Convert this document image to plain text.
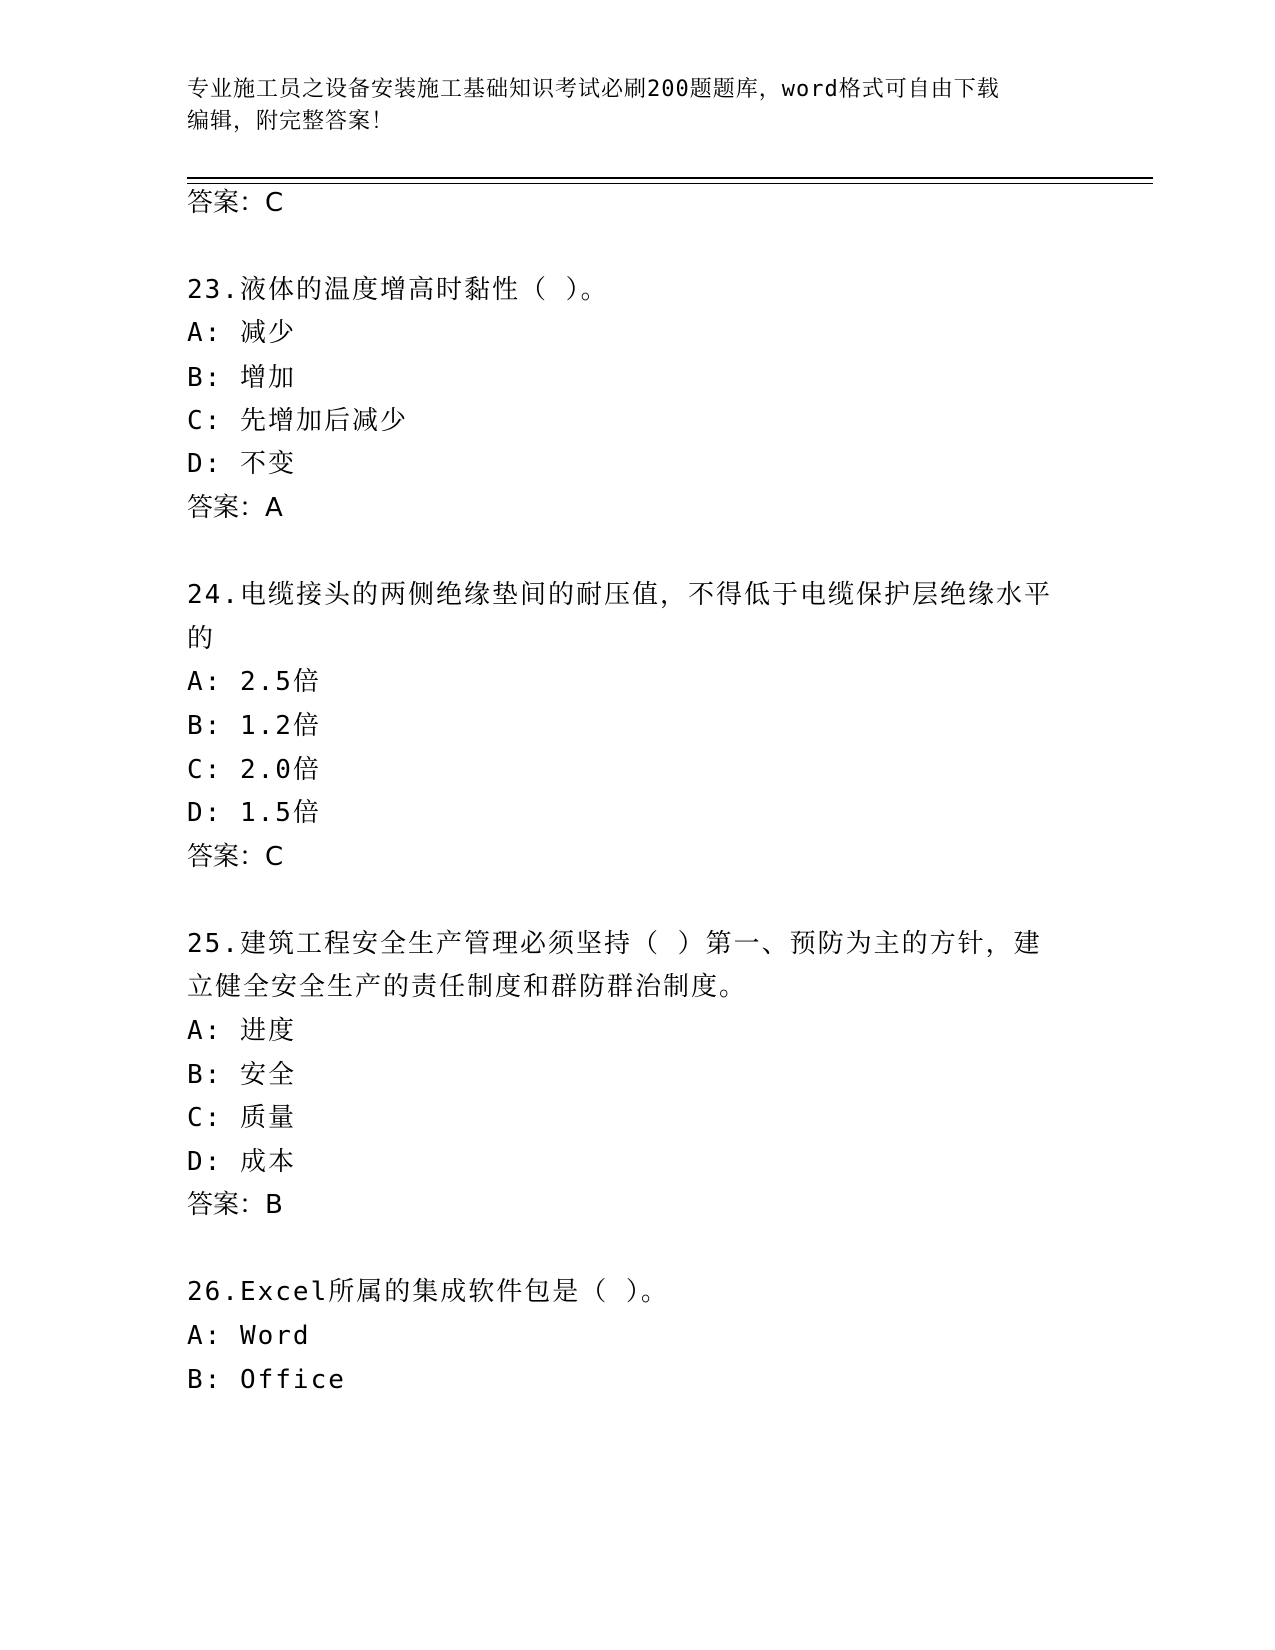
专业施工员之设备安装施工基础知识考试必刷200题题库，word格式可自由下载
编辑，附完整答案！
答案：C
23.液体的温度增高时黏性（ ）。
A: 减少
B: 增加
C: 先增加后减少
D: 不变
答案：A
24.电缆接头的两侧绝缘垫间的耐压值，不得低于电缆保护层绝缘水平
的
A: 2.5倍
B: 1.2倍
C: 2.0倍
D: 1.5倍
答案：C
25.建筑工程安全生产管理必须坚持（ ）第一、预防为主的方针，建
立健全安全生产的责任制度和群防群治制度。
A: 进度
B: 安全
C: 质量
D: 成本
答案：B
26.Excel所属的集成软件包是（ ）。
A: Word
B: Office
